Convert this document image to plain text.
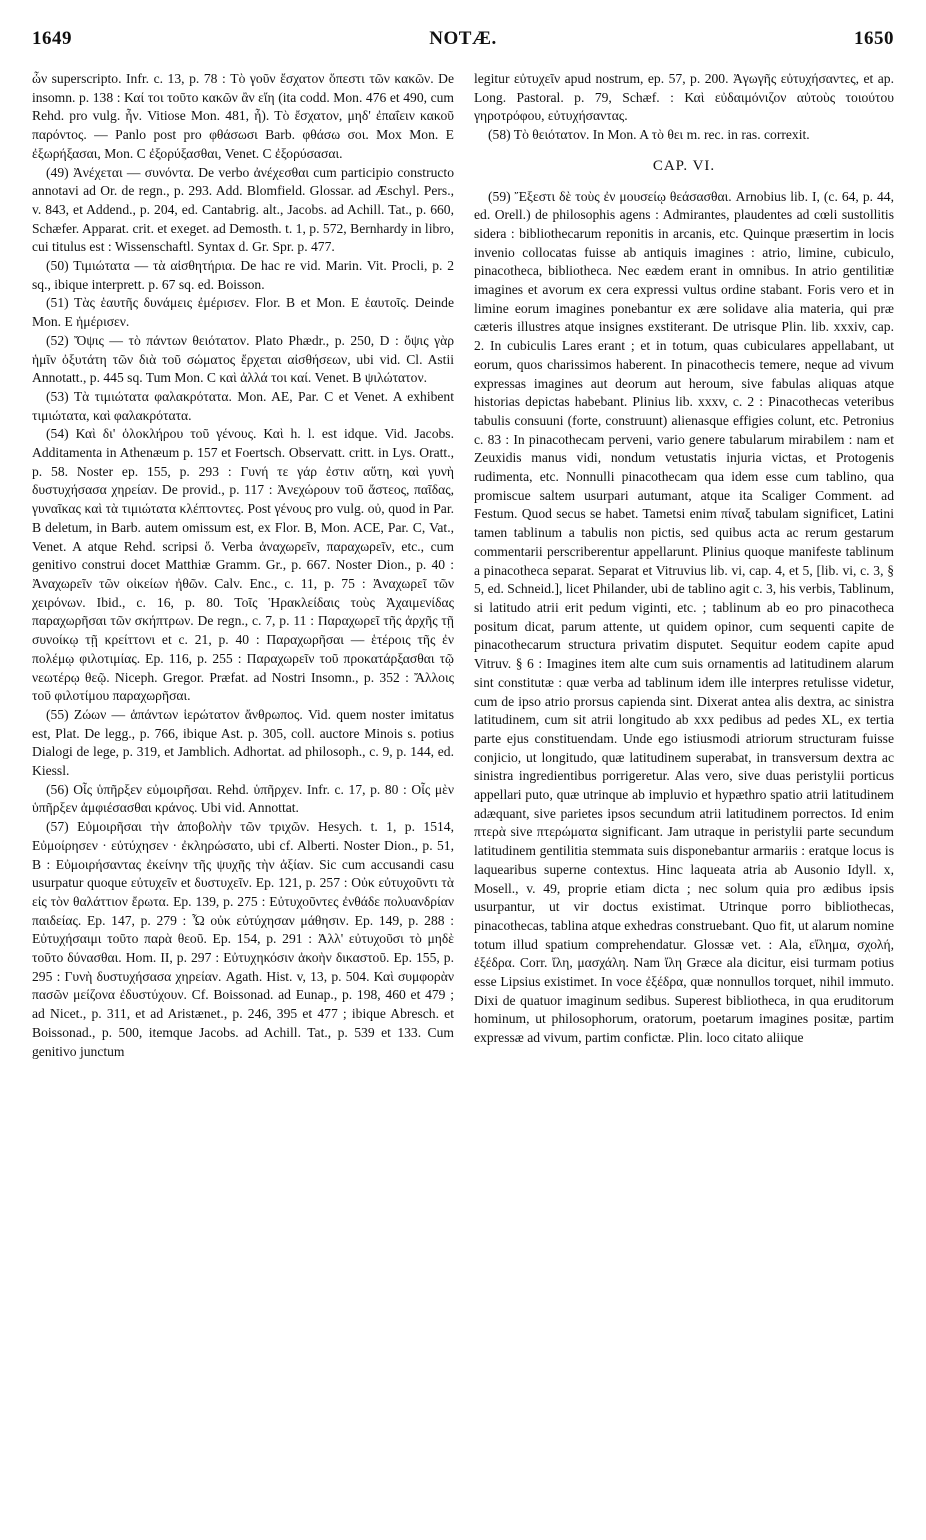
1649	NOTÆ.	1650

ὧν superscripto. Infr. c. 13, p. 78 : Τὸ γοῦν ἔσχατον ὅπεστι τῶν κακῶν. De insomn. p. 138 : Καί τοι τοῦτο κακῶν ἂν εἴη (ita codd. Mon. 476 et 490, cum Rehd. pro vulg. ἦν. Vitiose Mon. 481, ἦ). Τὸ ἔσχατον, μηδ' ἐπαΐειν κακοῦ παρόντος. — Panlo post pro φθάσωσι Barb. φθάσω σοι. Mox Mon. E ἐξωρήξασαι, Mon. C ἐξορύξασθαι, Venet. C ἐξορύσασαι.

(49) Ἀνέχεται — συνόντα. De verbo ἀνέχεσθαι cum participio constructo annotavi ad Or. de regn., p. 293. Add. Blomfield. Glossar. ad Æschyl. Pers., v. 843, et Addend., p. 204, ed. Cantabrig. alt., Jacobs. ad Achill. Tat., p. 660, Schæfer. Apparat. crit. et exeget. ad Demosth. t. 1, p. 572, Bernhardy in libro, cui titulus est : Wissenschaftl. Syntax d. Gr. Spr. p. 477.

(50) Τιμιώτατα — τὰ αἰσθητήρια. De hac re vid. Marin. Vit. Procli, p. 2 sq., ibique interprett. p. 67 sq. ed. Boisson.

(51) Τὰς ἑαυτῆς δυνάμεις ἐμέρισεν. Flor. B et Mon. E ἑαυτοῖς. Deinde Mon. E ἡμέρισεν.

(52) Ὄψις — τὸ πάντων θειότατον. Plato Phædr., p. 250, D : ὄψις γὰρ ἡμῖν ὀξυτάτη τῶν διὰ τοῦ σώματος ἔρχεται αἰσθήσεων, ubi vid. Cl. Astii Annotatt., p. 445 sq. Tum Mon. C καὶ ἀλλά τοι καί. Venet. B ψιλώτατον.

(53) Τὰ τιμιώτατα φαλακρότατα. Mon. AE, Par. C et Venet. A exhibent τιμιώτατα, καὶ φαλακρότατα.

(54) Καὶ δι' ὁλοκλήρου τοῦ γένους. Καὶ h. l. est idque. Vid. Jacobs. Additamenta in Athenæum p. 157 et Foertsch. Observatt. critt. in Lys. Oratt., p. 58. Noster ep. 155, p. 293 : Γυνή τε γάρ ἐστιν αὕτη, καὶ γυνὴ δυστυχήσασα χηρείαν. De provid., p. 117 : Ἀνεχώρουν τοῦ ἄστεος, παῖδας, γυναῖκας καὶ τὰ τιμιώτατα κλέπτοντες. Post γένους pro vulg. οὐ, quod in Par. B deletum, in Barb. autem omissum est, ex Flor. B, Mon. ACE, Par. C, Vat., Venet. A atque Rehd. scripsi ὅ. Verba ἀναχωρεῖν, παραχωρεῖν, etc., cum genitivo construi docet Matthiæ Gramm. Gr., p. 667. Noster Dion., p. 40 : Ἀναχωρεῖν τῶν οἰκείων ἠθῶν. Calv. Enc., c. 11, p. 75 : Ἀναχωρεῖ τῶν χειρόνων. Ibid., c. 16, p. 80. Τοῖς Ἡρακλείδαις τοὺς Ἀχαιμενίδας παραχωρῆσαι τῶν σκήπτρων. De regn., c. 7, p. 11 : Παραχωρεῖ τῆς ἀρχῆς τῇ συνοίκῳ τῇ κρείττονι et c. 21, p. 40 : Παραχωρῆσαι — ἑτέροις τῆς ἐν πολέμῳ φιλοτιμίας. Ep. 116, p. 255 : Παραχωρεῖν τοῦ προκατάρξασθαι τῷ νεωτέρῳ θεῷ. Niceph. Gregor. Præfat. ad Nostri Insomn., p. 352 : Ἄλλοις τοῦ φιλοτίμου παραχωρῆσαι.

(55) Ζώων — ἁπάντων ἱερώτατον ἄνθρωπος. Vid. quem noster imitatus est, Plat. De legg., p. 766, ibique Ast. p. 305, coll. auctore Minois s. potius Dialogi de lege, p. 319, et Jamblich. Adhortat. ad philosoph., c. 9, p. 144, ed. Kiessl.

(56) Οἷς ὑπῆρξεν εὐμοιρῆσαι. Rehd. ὑπῆρχεν. Infr. c. 17, p. 80 : Οἷς μὲν ὑπῆρξεν ἀμφιέσασθαι κράνος. Ubi vid. Annottat.

(57) Εὐμοιρῆσαι τὴν ἀποβολὴν τῶν τριχῶν. Hesych. t. 1, p. 1514, Εὐμοίρησεν · εὐτύχησεν · ἐκληρώσατο, ubi cf. Alberti. Noster Dion., p. 51, B : Εὐμοιρήσαντας ἐκείνην τῆς ψυχῆς τὴν ἀξίαν. Sic cum accusandi casu usurpatur quoque εὐτυχεῖν et δυστυχεῖν. Ep. 121, p. 257 : Οὐκ εὐτυχοῦντι τὰ εἰς τὸν θαλάττιον ἔρωτα. Ep. 139, p. 275 : Εὐτυχοῦντες ἐνθάδε πολυανδρίαν παιδείας. Ep. 147, p. 279 : Ὦ οὐκ εὐτύχησαν μάθησιν. Ep. 149, p. 288 : Εὐτυχήσαιμι τοῦτο παρὰ θεοῦ. Ep. 154, p. 291 : Ἀλλ' εὐτυχοῦσι τὸ μηδὲ τοῦτο δύνασθαι. Hom. II, p. 297 : Εὐτυχηκόσιν ἀκοὴν δικαστοῦ. Ep. 155, p. 295 : Γυνὴ δυστυχήσασα χηρείαν. Agath. Hist. v, 13, p. 504. Καὶ συμφορὰν πασῶν μείζονα ἐδυστύχουν. Cf. Boissonad. ad Eunap., p. 198, 460 et 479 ; ad Nicet., p. 311, et ad Aristænet., p. 246, 395 et 477 ; ibique Abresch. et Boissonad., p. 500, itemque Jacobs. ad Achill. Tat., p. 539 et 133. Cum genitivo junctum

legitur εὐτυχεῖν apud nostrum, ep. 57, p. 200. Ἀγωγῆς εὐτυχήσαντες, et ap. Long. Pastoral. p. 79, Schæf. : Καὶ εὐδαιμόνιζον αὐτοὺς τοιούτου γηροτρόφου, εὐτυχήσαντας.

(58) Τὸ θειότατον. In Mon. A τὸ θει m. rec. in ras. correxit.

CAP. VI.

(59) Ἔξεστι δὲ τοὺς ἐν μουσείῳ θεάσασθαι. Arnobius lib. I, (c. 64, p. 44, ed. Orell.) de philosophis agens : Admirantes, plaudentes ad cœli sustollitis sidera : bibliothecarum reponitis in arcanis, etc. Quinque præsertim in locis invenio collocatas fuisse ab antiquis imagines : atrio, limine, cubiculo, pinacotheca, bibliotheca. Nec eædem erant in omnibus. In atrio gentilitiæ imagines et avorum ex cera expressi vultus ordine stabant. Foris vero et in limine eorum imagines ponebantur ex ære solidave alia materia, qui præ cæteris illustres atque insignes exstiterant. De utrisque Plin. lib. xxxiv, cap. 2. In cubiculis Lares erant ; et in totum, quas cubiculares appellabant, ut eorum, quos charissimos haberent. In pinacothecis temere, neque ad vivum expressas imagines aut deorum aut heroum, sive fabulas aliquas atque historias depictas habebant. Plinius lib. xxxv, c. 2 : Pinacothecas veteribus tabulis consuuni (forte, construunt) alienasque effigies colunt, etc. Petronius c. 83 : In pinacothecam perveni, vario genere tabularum mirabilem : nam et Zeuxidis manus vidi, nondum vetustatis injuria victas, et Protogenis rudimenta, etc. Nonnulli pinacothecam qua idem esse cum tablino, qua promiscue saltem usurpari autumant, atque ita Scaliger Comment. ad Festum. Quod secus se habet. Tametsi enim πίναξ tabulam significet, Latini tamen tablinum a tabulis non pictis, sed quibus acta ac rerum gestarum commentarii perscriberentur appellarunt. Plinius quoque manifeste tablinum a pinacotheca separat. Separat et Vitruvius lib. vi, cap. 4, et 5, [lib. vi, c. 3, § 5, ed. Schneid.], licet Philander, ubi de tablino agit c. 3, his verbis, Tablinum, si latitudo atrii erit pedum viginti, etc. ; tablinum ab eo pro pinacotheca positum dicat, parum attente, ut quidem opinor, cum sequenti capite de pinacothecarum structura privatim disputet. Sequitur eodem capite apud Vitruv. § 6 : Imagines item alte cum suis ornamentis ad latitudinem alarum sint constitutæ : quæ verba ad tablinum idem ille interpres retulisse videtur, cum de ipso atrio prorsus capienda sint. Dixerat antea alis dextra, ac sinistra latitudinem, cum sit atrii longitudo ab xxx pedibus ad pedes XL, ex tertia parte ejus constituendam. Unde ego istiusmodi atriorum structuram fuisse conjicio, ut longitudo, quæ latitudinem superabat, in transversum dextra ac sinistra ingredientibus porrigeretur. Alas vero, sive duas peristylii porticus appellari puto, quæ utrinque ab impluvio et hypæthro spatio atrii latitudinem adæquant, sive parietes ipsos secundum atrii latitudinem porrectos. Id enim πτερὰ sive πτερώματα significant. Jam utraque in peristylii parte secundum latitudinem gentilitia stemmata suis disponebantur armariis : eratque locus is laquearibus superne contextus. Hinc laqueata atria ab Ausonio Idyll. x, Mosell., v. 49, proprie etiam dicta ; nec solum quia pro ædibus ipsis usurpantur, ut vir doctus existimat. Utrinque porro bibliothecas, pinacothecas, tablina atque exhedras construebant. Quo fit, ut alarum nomine totum illud spatium comprehendatur. Glossæ vet. : Ala, εἴλημα, σχολή, ἐξέδρα. Corr. ἴλη, μασχάλη. Nam ἴλη Græce ala dicitur, eisi turmam potius esse Lipsius existimet. In voce ἐξέδρα, quæ nonnullos torquet, nihil immuto. Dixi de quatuor imaginum sedibus. Superest bibliotheca, in qua eruditorum hominum, ut philosophorum, oratorum, poetarum imagines positæ, partim expressæ ad vivum, partim confictæ. Plin. loco citato aliique
